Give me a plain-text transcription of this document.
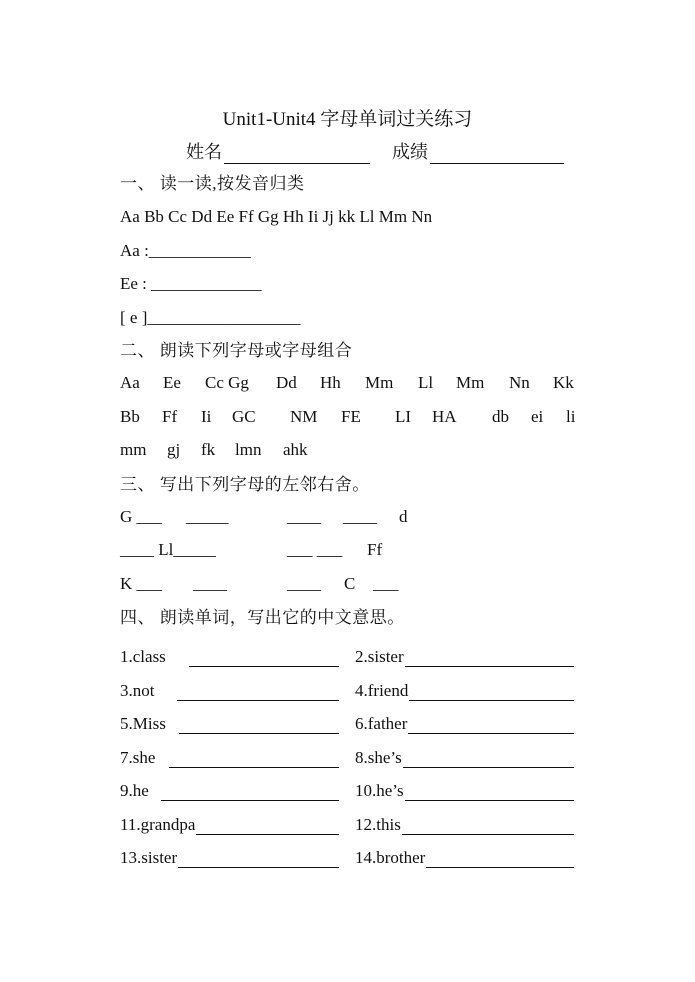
Unit1-Unit4 字母单词过关练习
姓名	成绩
一、 读一读,按发音归类
Aa Bb Cc Dd Ee Ff Gg Hh Ii Jj kk Ll Mm Nn
Aa :____________
Ee : _____________
[ e ]__________________
二、 朗读下列字母或字母组合
Aa Ee Cc Gg Dd Hh Mm Ll Mm Nn Kk
Bb Ff Ii GC NM FE LI HA db ei li
mm gj fk lmn ahk
三、 写出下列字母的左邻右舍。
G ___ _____	____ ____ d
____ Ll_____	___ ___ Ff
K ___ ____	____ C ___
四、 朗读单词，写出它的中文意思。
1.class	2.sister
3.not	4.friend
5.Miss	6.father
7.she	8.she’s
9.he	10.he’s
11.grandpa	12.this
13.sister	14.brother
